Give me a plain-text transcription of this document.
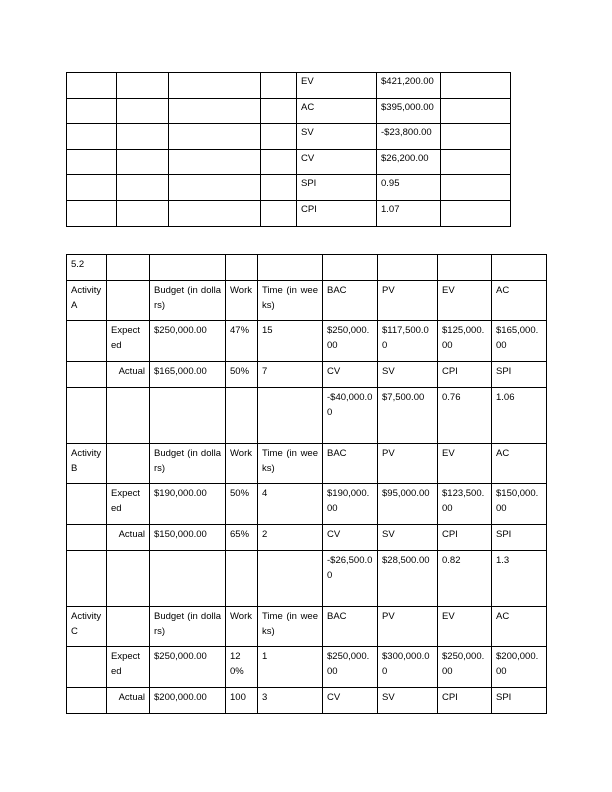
				EV	$421,200.00	
				AC	$395,000.00	
				SV	-$23,800.00	
				CV	$26,200.00	
				SPI	0.95	
				CPI	1.07	
5.2								
Activity A		Budget (in dollars)	Work	Time (in weeks)	BAC	PV	EV	AC
	Expected	$250,000.00	47%	15	$250,000.00	$117,500.00	$125,000.00	$165,000.00
	Actual	$165,000.00	50%	7	CV	SV	CPI	SPI
					-$40,000.00	$7,500.00	0.76	1.06
Activity B		Budget (in dollars)	Work	Time (in weeks)	BAC	PV	EV	AC
	Expected	$190,000.00	50%	4	$190,000.00	$95,000.00	$123,500.00	$150,000.00
	Actual	$150,000.00	65%	2	CV	SV	CPI	SPI
					-$26,500.00	$28,500.00	0.82	1.3
Activity C		Budget (in dollars)	Work	Time (in weeks)	BAC	PV	EV	AC
	Expected	$250,000.00	120%	1	$250,000.00	$300,000.00	$250,000.00	$200,000.00
	Actual	$200,000.00	100	3	CV	SV	CPI	SPI
